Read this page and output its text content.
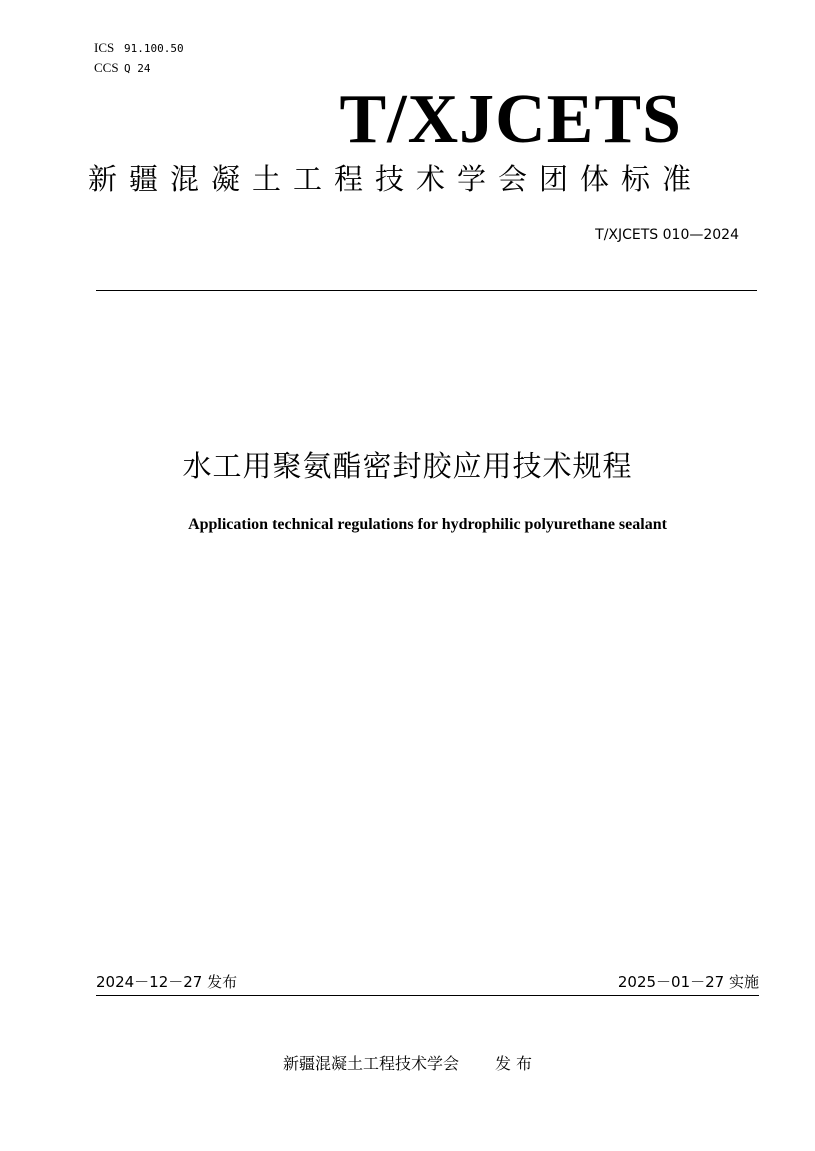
ICS 91.100.50
CCS Q 24
T/XJCETS
新疆混凝土工程技术学会团体标准
T/XJCETS 010—2024
水工用聚氨酯密封胶应用技术规程
Application technical regulations for hydrophilic polyurethane sealant
2024－12－27 发布	2025－01－27 实施
新疆混凝土工程技术学会 发 布
